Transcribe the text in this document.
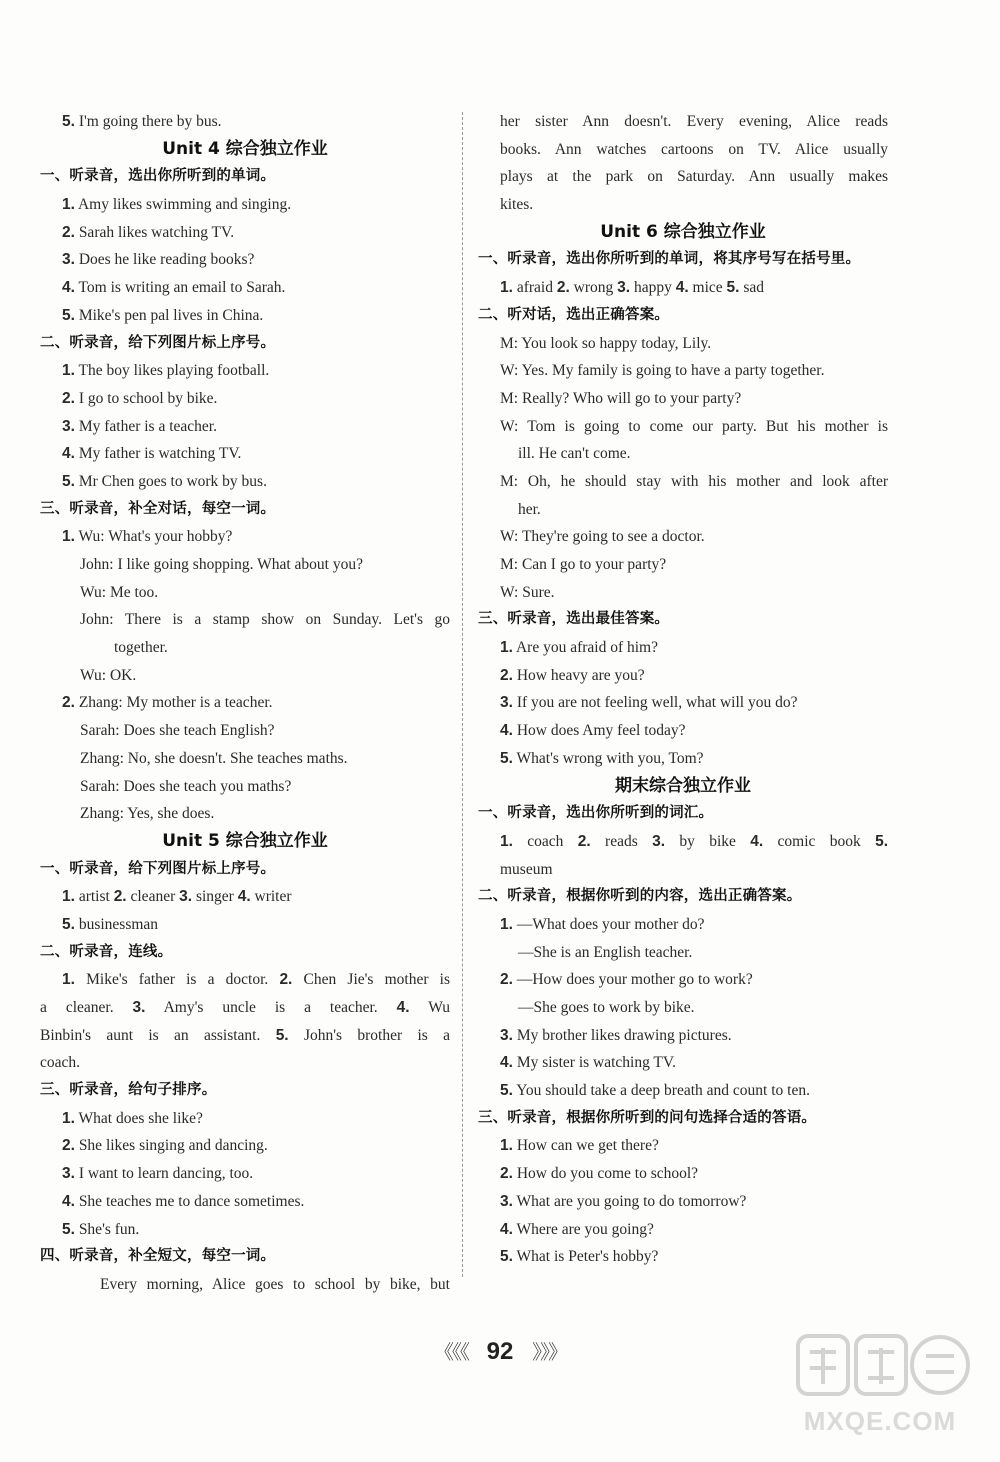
5. I'm going there by bus.
Unit 4 综合独立作业
一、听录音，选出你所听到的单词。
1. Amy likes swimming and singing.
2. Sarah likes watching TV.
3. Does he like reading books?
4. Tom is writing an email to Sarah.
5. Mike's pen pal lives in China.
二、听录音，给下列图片标上序号。
1. The boy likes playing football.
2. I go to school by bike.
3. My father is a teacher.
4. My father is watching TV.
5. Mr Chen goes to work by bus.
三、听录音，补全对话，每空一词。
1. Wu: What's your hobby?
John: I like going shopping. What about you?
Wu: Me too.
John: There is a stamp show on Sunday. Let's go
together.
Wu: OK.
2. Zhang: My mother is a teacher.
Sarah: Does she teach English?
Zhang: No, she doesn't. She teaches maths.
Sarah: Does she teach you maths?
Zhang: Yes, she does.
Unit 5 综合独立作业
一、听录音，给下列图片标上序号。
1. artist 2. cleaner 3. singer 4. writer
5. businessman
二、听录音，连线。
1. Mike's father is a doctor. 2. Chen Jie's mother is
a cleaner. 3. Amy's uncle is a teacher. 4. Wu
Binbin's aunt is an assistant. 5. John's brother is a
coach.
三、听录音，给句子排序。
1. What does she like?
2. She likes singing and dancing.
3. I want to learn dancing, too.
4. She teaches me to dance sometimes.
5. She's fun.
四、听录音，补全短文，每空一词。
Every morning, Alice goes to school by bike, but
her sister Ann doesn't. Every evening, Alice reads
books. Ann watches cartoons on TV. Alice usually
plays at the park on Saturday. Ann usually makes
kites.
Unit 6 综合独立作业
一、听录音，选出你所听到的单词，将其序号写在括号里。
1. afraid 2. wrong 3. happy 4. mice 5. sad
二、听对话，选出正确答案。
M: You look so happy today, Lily.
W: Yes. My family is going to have a party together.
M: Really? Who will go to your party?
W: Tom is going to come our party. But his mother is
ill. He can't come.
M: Oh, he should stay with his mother and look after
her.
W: They're going to see a doctor.
M: Can I go to your party?
W: Sure.
三、听录音，选出最佳答案。
1. Are you afraid of him?
2. How heavy are you?
3. If you are not feeling well, what will you do?
4. How does Amy feel today?
5. What's wrong with you, Tom?
期末综合独立作业
一、听录音，选出你所听到的词汇。
1. coach 2. reads 3. by bike 4. comic book 5.
museum
二、听录音，根据你听到的内容，选出正确答案。
1. —What does your mother do?
—She is an English teacher.
2. —How does your mother go to work?
—She goes to work by bike.
3. My brother likes drawing pictures.
4. My sister is watching TV.
5. You should take a deep breath and count to ten.
三、听录音，根据你所听到的问句选择合适的答语。
1. How can we get there?
2. How do you come to school?
3. What are you going to do tomorrow?
4. Where are you going?
5. What is Peter's hobby?
《《《 92 》》》
MXQE.COM
